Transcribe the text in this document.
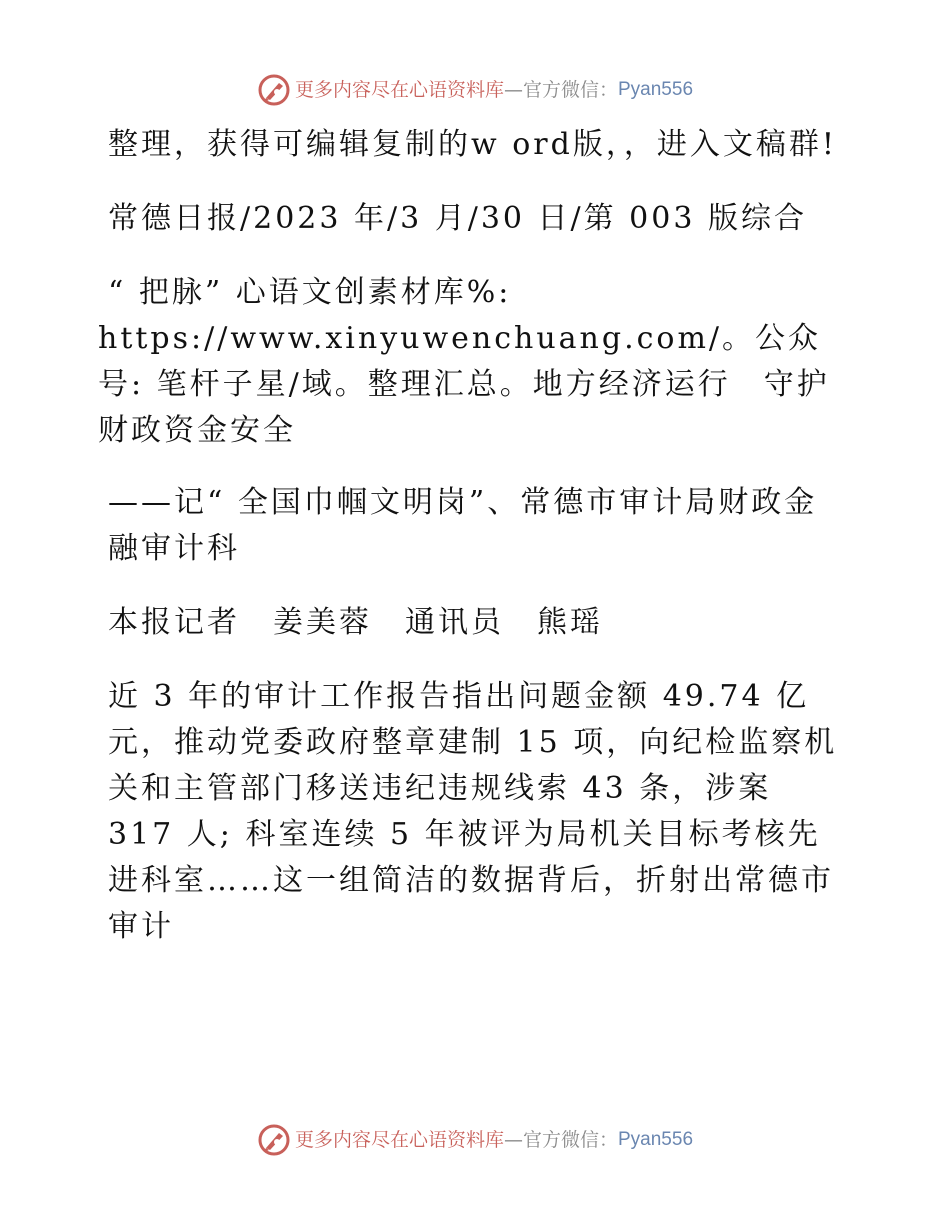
更多内容尽在心语资料库 — 官方微信： Pyan556

整理，获得可编辑复制的w ord版，，进入文稿群!

常德日报/2023 年/3 月/30 日/第 003 版综合

“ 把脉” 心语文创素材库%: https://www.xinyuwenchuang.com/。公众号: 笔杆子星/域。整理汇总。地方经济运行　守护财政资金安全

——记“ 全国巾帼文明岗”、常德市审计局财政金融审计科

本报记者　姜美蓉　通讯员　熊瑶

近 3 年的审计工作报告指出问题金额 49.74 亿元，推动党委政府整章建制 15 项，向纪检监察机关和主管部门移送违纪违规线索 43 条，涉案 317 人; 科室连续 5 年被评为局机关目标考核先进科室……这一组简洁的数据背后，折射出常德市审计

更多内容尽在心语资料库 — 官方微信： Pyan556
